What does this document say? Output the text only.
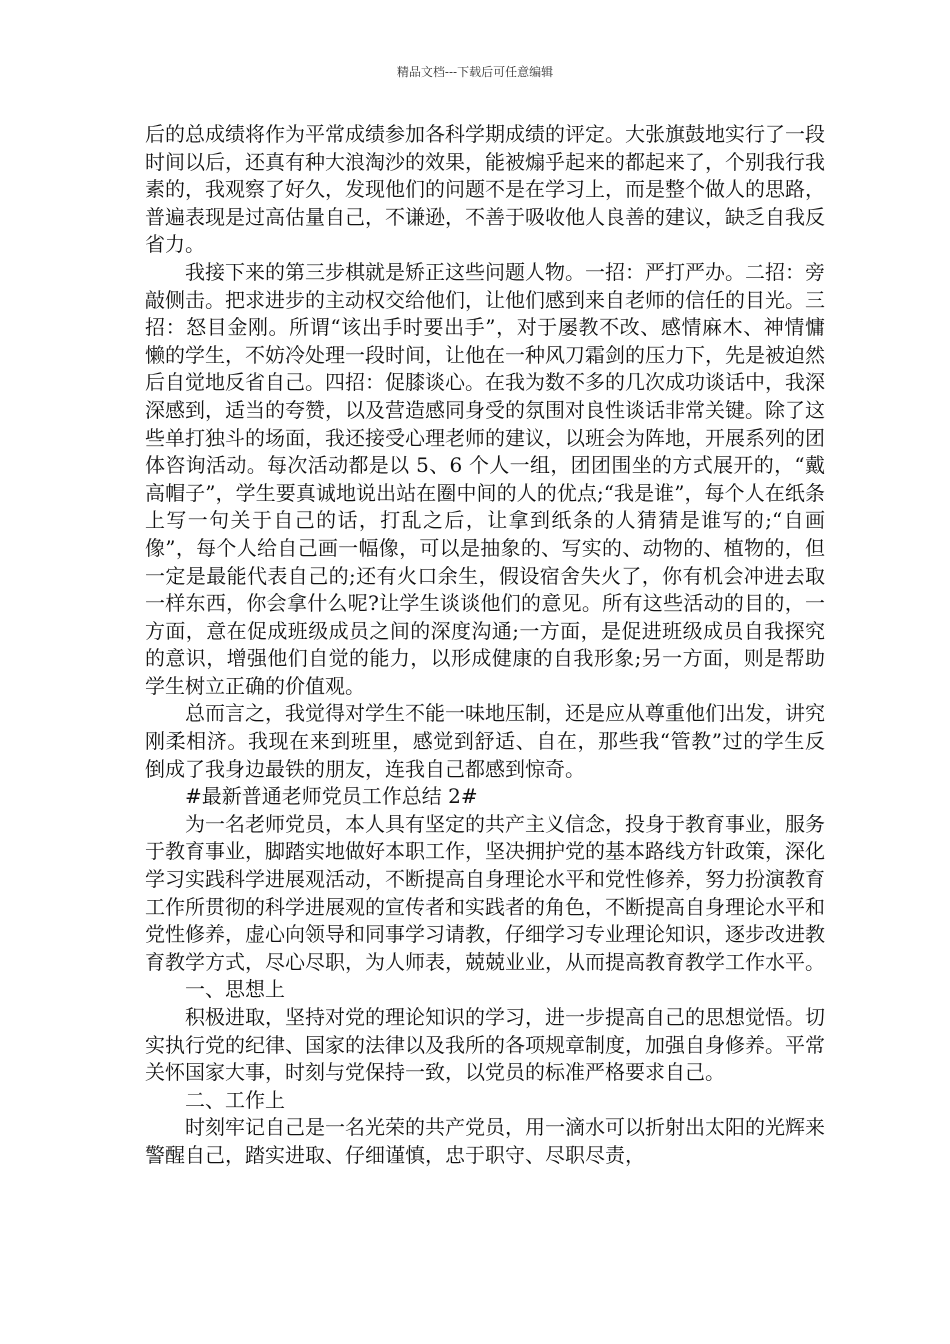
精品文档---下载后可任意编辑

后的总成绩将作为平常成绩参加各科学期成绩的评定。大张旗鼓地实行了一段时间以后，还真有种大浪淘沙的效果，能被煽乎起来的都起来了，个别我行我素的，我观察了好久，发现他们的问题不是在学习上，而是整个做人的思路，普遍表现是过高估量自己，不谦逊，不善于吸收他人良善的建议，缺乏自我反省力。

我接下来的第三步棋就是矫正这些问题人物。一招：严打严办。二招：旁敲侧击。把求进步的主动权交给他们，让他们感到来自老师的信任的目光。三招：怒目金刚。所谓“该出手时要出手”，对于屡教不改、感情麻木、神情慵懒的学生，不妨冷处理一段时间，让他在一种风刀霜剑的压力下，先是被迫然后自觉地反省自己。四招：促膝谈心。在我为数不多的几次成功谈话中，我深深感到，适当的夸赞，以及营造感同身受的氛围对良性谈话非常关键。除了这些单打独斗的场面，我还接受心理老师的建议，以班会为阵地，开展系列的团体咨询活动。每次活动都是以 5、6 个人一组，团团围坐的方式展开的，“戴高帽子”，学生要真诚地说出站在圈中间的人的优点;“我是谁”，每个人在纸条上写一句关于自己的话，打乱之后，让拿到纸条的人猜猜是谁写的;“自画像”，每个人给自己画一幅像，可以是抽象的、写实的、动物的、植物的，但一定是最能代表自己的;还有火口余生，假设宿舍失火了，你有机会冲进去取一样东西，你会拿什么呢?让学生谈谈他们的意见。所有这些活动的目的，一方面，意在促成班级成员之间的深度沟通;一方面，是促进班级成员自我探究的意识，增强他们自觉的能力，以形成健康的自我形象;另一方面，则是帮助学生树立正确的价值观。

总而言之，我觉得对学生不能一味地压制，还是应从尊重他们出发，讲究刚柔相济。我现在来到班里，感觉到舒适、自在，那些我“管教”过的学生反倒成了我身边最铁的朋友，连我自己都感到惊奇。

#最新普通老师党员工作总结 2#

为一名老师党员，本人具有坚定的共产主义信念，投身于教育事业，服务于教育事业，脚踏实地做好本职工作，坚决拥护党的基本路线方针政策，深化学习实践科学进展观活动，不断提高自身理论水平和党性修养，努力扮演教育工作所贯彻的科学进展观的宣传者和实践者的角色，不断提高自身理论水平和党性修养，虚心向领导和同事学习请教，仔细学习专业理论知识，逐步改进教育教学方式，尽心尽职，为人师表，兢兢业业，从而提高教育教学工作水平。

一、思想上

积极进取，坚持对党的理论知识的学习，进一步提高自己的思想觉悟。切实执行党的纪律、国家的法律以及我所的各项规章制度，加强自身修养。平常关怀国家大事，时刻与党保持一致，以党员的标准严格要求自己。

二、工作上

时刻牢记自己是一名光荣的共产党员，用一滴水可以折射出太阳的光辉来警醒自己，踏实进取、仔细谨慎，忠于职守、尽职尽责，
